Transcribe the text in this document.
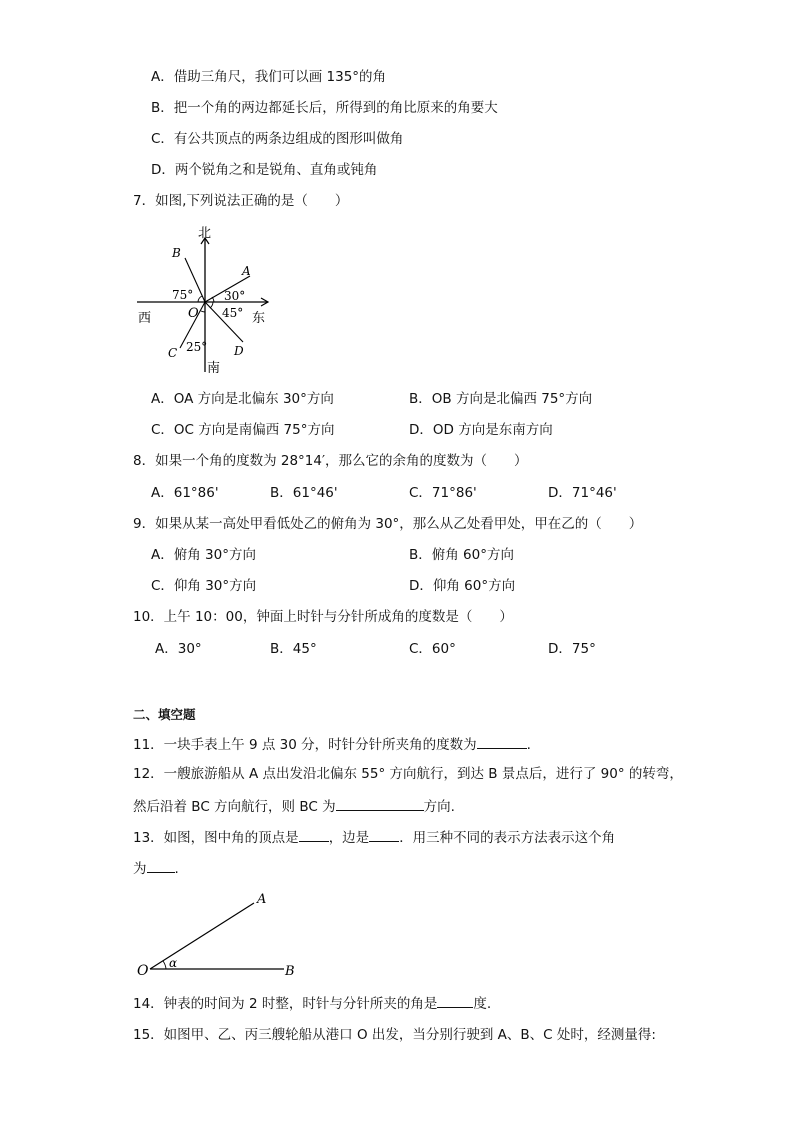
A．借助三角尺，我们可以画 135°的角
B．把一个角的两边都延长后，所得到的角比原来的角要大
C．有公共顶点的两条边组成的图形叫做角
D．两个锐角之和是锐角、直角或钝角
7．如图,下列说法正确的是（　　）
北
南
东
西	O
A
B
C	D
75°	30°
45°
25°
A．OA 方向是北偏东 30°方向	B．OB 方向是北偏西 75°方向
C．OC 方向是南偏西 75°方向	D．OD 方向是东南方向
8．如果一个角的度数为 28°14′，那么它的余角的度数为（　　）
A．61°86'	B．61°46'	C．71°86'	D．71°46'
9．如果从某一高处甲看低处乙的俯角为 30°，那么从乙处看甲处，甲在乙的（　　）
A．俯角 30°方向	B．俯角 60°方向
C．仰角 30°方向	D．仰角 60°方向
10．上午 10：00，钟面上时针与分针所成角的度数是（　　）
A．30°	B．45°	C．60°	D．75°
二、填空题
11．一块手表上午 9 点 30 分，时针分针所夹角的度数为	.
12．一艘旅游船从 A 点出发沿北偏东 55° 方向航行，到达 B 景点后，进行了 90° 的转弯，
然后沿着 BC 方向航行，则 BC 为	方向.
13．如图，图中角的顶点是 ，边是 ．用三种不同的表示方法表示这个角
为 .
O
A
B
α
14．钟表的时间为 2 时整，时针与分针所夹的角是	度.
15．如图甲、乙、丙三艘轮船从港口 O 出发，当分别行驶到 A、B、C 处时，经测量得:
